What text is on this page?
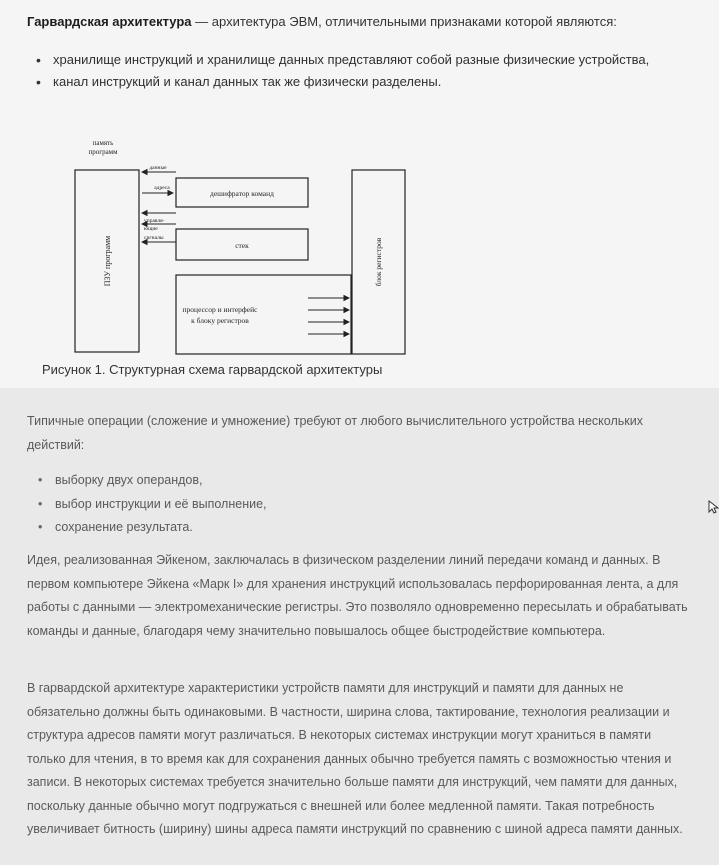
Гарвардская архитектура — архитектура ЭВМ, отличительными признаками которой являются:
• хранилище инструкций и хранилище данных представляют собой разные физические устройства,
• канал инструкций и канал данных так же физически разделены.
память
программ
данные
адреса
управля-
ющие
сигналы
дешифратор команд
стек
процессор и интерфейс
к блоку регистров
ПЗУ программ	блок регистров
Рисунок 1. Структурная схема гарвардской архитектуры
Типичные операции (сложение и умножение) требуют от любого вычислительного устройства нескольких действий:
• выборку двух операндов,
• выбор инструкции и её выполнение,
• сохранение результата.
Идея, реализованная Эйкеном, заключалась в физическом разделении линий передачи команд и данных. В первом компьютере Эйкена «Марк I» для хранения инструкций использовалась перфорированная лента, а для работы с данными — электромеханические регистры. Это позволяло одновременно пересылать и обрабатывать команды и данные, благодаря чему значительно повышалось общее быстродействие компьютера.
В гарвардской архитектуре характеристики устройств памяти для инструкций и памяти для данных не обязательно должны быть одинаковыми. В частности, ширина слова, тактирование, технология реализации и структура адресов памяти могут различаться. В некоторых системах инструкции могут храниться в памяти только для чтения, в то время как для сохранения данных обычно требуется память с возможностью чтения и записи. В некоторых системах требуется значительно больше памяти для инструкций, чем памяти для данных, поскольку данные обычно могут подгружаться с внешней или более медленной памяти. Такая потребность увеличивает битность (ширину) шины адреса памяти инструкций по сравнению с шиной адреса памяти данных.
